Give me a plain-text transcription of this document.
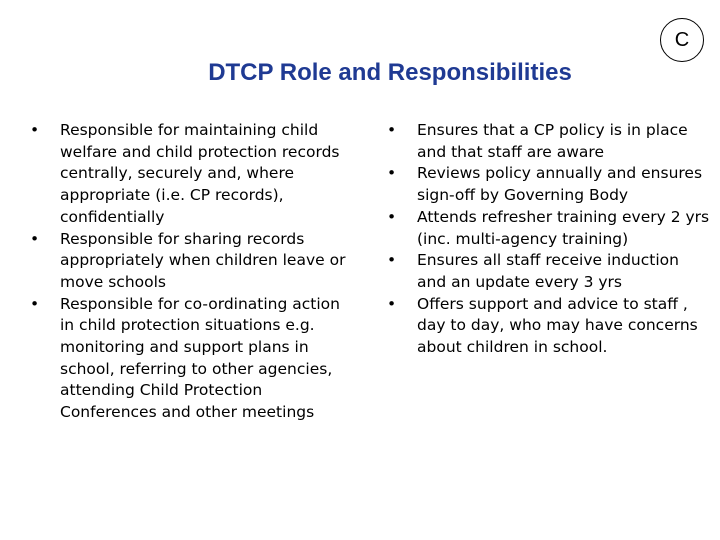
C
DTCP Role and Responsibilities
• Responsible for maintaining child welfare and child protection records centrally, securely and, where appropriate (i.e. CP records), confidentially
• Responsible for sharing records appropriately when children leave or move schools
• Responsible for co-ordinating action in child protection situations e.g. monitoring and support plans in school, referring to other agencies, attending Child Protection Conferences and other meetings
• Ensures that a CP policy is in place and that staff are aware
• Reviews policy annually and ensures sign-off by Governing Body
• Attends refresher training every 2 yrs (inc. multi-agency training)
• Ensures all staff receive induction and an update every 3 yrs
• Offers support and advice to staff , day to day, who may have concerns about children in school.
